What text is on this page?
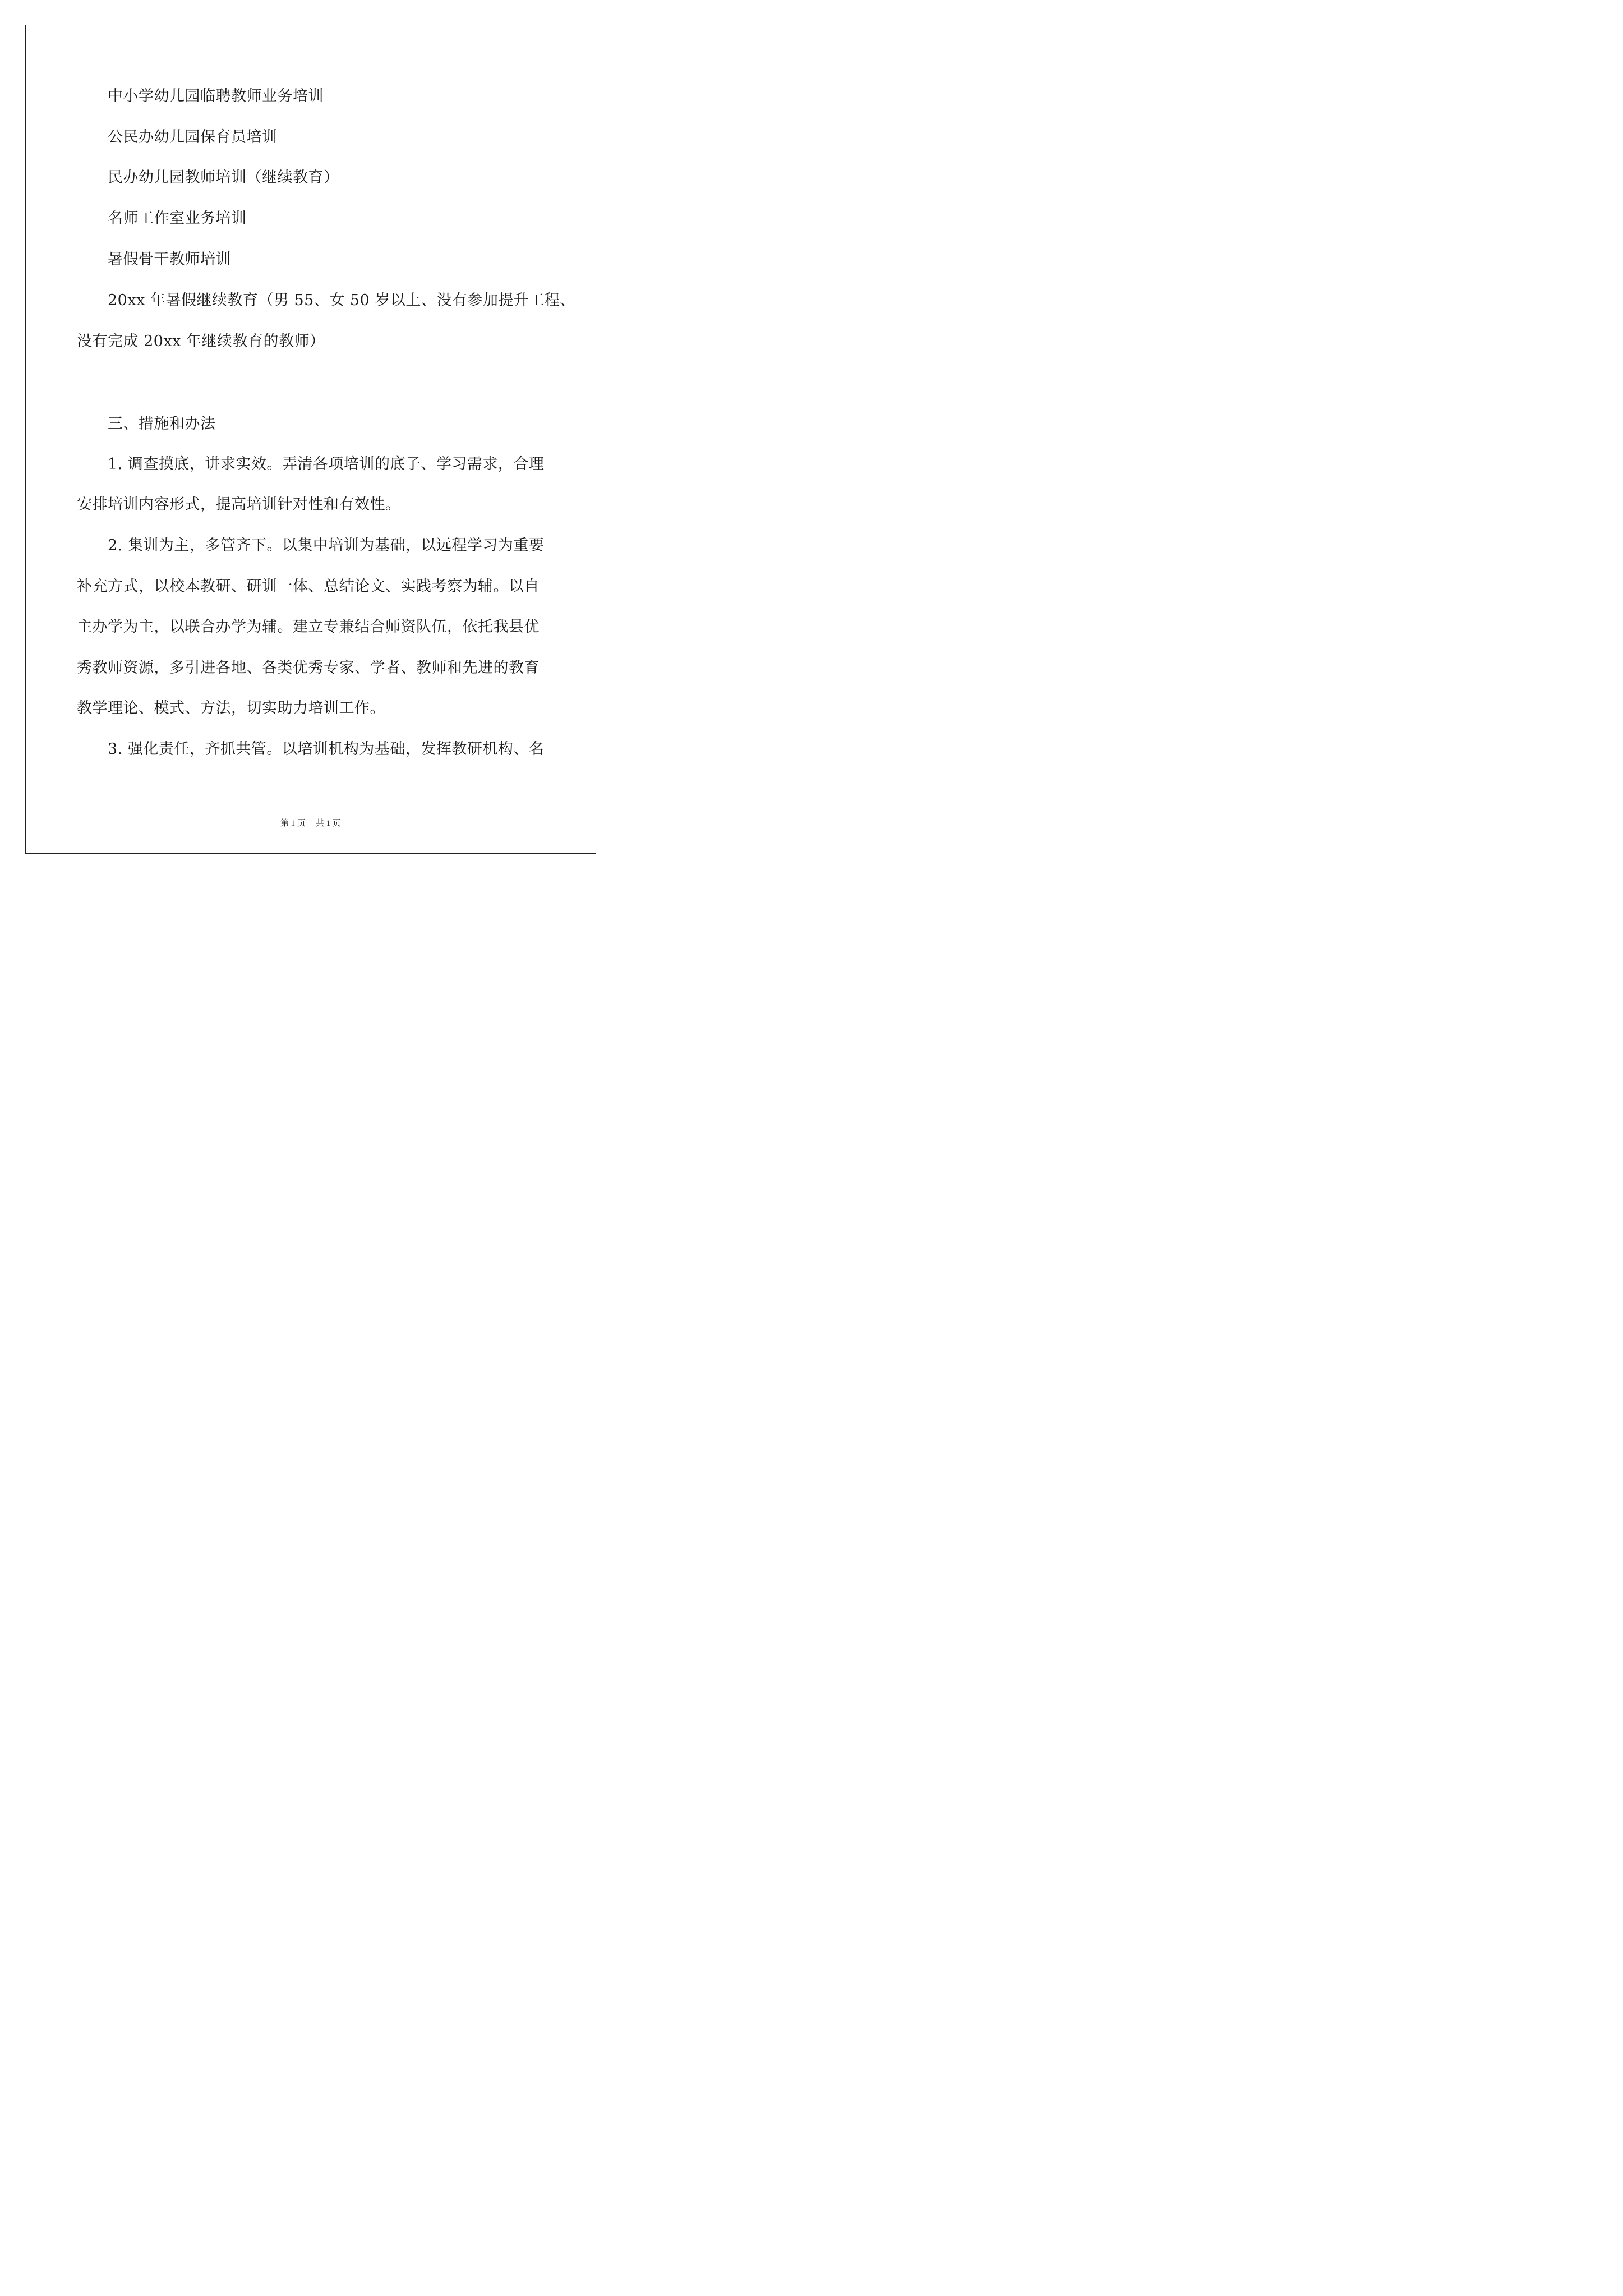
中小学幼儿园临聘教师业务培训
公民办幼儿园保育员培训
民办幼儿园教师培训（继续教育）
名师工作室业务培训
暑假骨干教师培训
20xx 年暑假继续教育（男 55、女 50 岁以上、没有参加提升工程、
没有完成 20xx 年继续教育的教师）
三、措施和办法
1. 调查摸底，讲求实效。弄清各项培训的底子、学习需求，合理
安排培训内容形式，提高培训针对性和有效性。
2. 集训为主，多管齐下。以集中培训为基础，以远程学习为重要
补充方式，以校本教研、研训一体、总结论文、实践考察为辅。以自
主办学为主，以联合办学为辅。建立专兼结合师资队伍，依托我县优
秀教师资源，多引进各地、各类优秀专家、学者、教师和先进的教育
教学理论、模式、方法，切实助力培训工作。
3. 强化责任，齐抓共管。以培训机构为基础，发挥教研机构、名
第 1 页 共 1 页
